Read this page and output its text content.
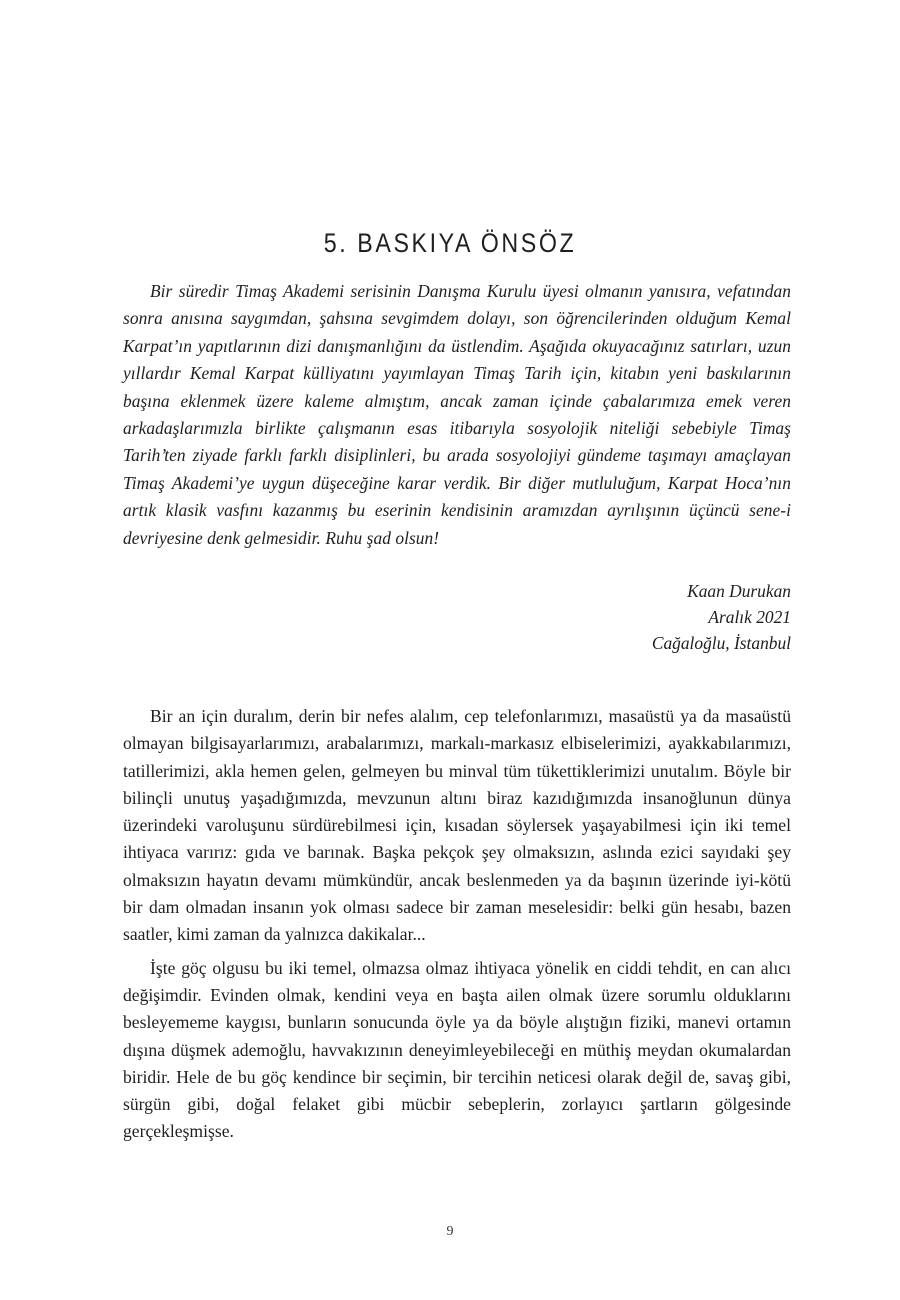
5. BASKIYA ÖNSÖZ

Bir süredir Timaş Akademi serisinin Danışma Kurulu üyesi olmanın yanısıra, vefatından sonra anısına saygımdan, şahsına sevgimdem dolayı, son öğrencilerinden olduğum Kemal Karpat’ın yapıtlarının dizi danışmanlığını da üstlendim. Aşağıda okuyacağınız satırları, uzun yıllardır Kemal Karpat külliyatını yayımlayan Timaş Tarih için, kitabın yeni baskılarının başına eklenmek üzere kaleme almıştım, ancak zaman içinde çabalarımıza emek veren arkadaşlarımızla birlikte çalışmanın esas itibarıyla sosyolojik niteliği sebebiyle Timaş Tarih’ten ziyade farklı farklı disiplinleri, bu arada sosyolojiyi gündeme taşımayı amaçlayan Timaş Akademi’ye uygun düşeceğine karar verdik. Bir diğer mutluluğum, Karpat Hoca’nın artık klasik vasfını kazanmış bu eserinin kendisinin aramızdan ayrılışının üçüncü sene-i devriyesine denk gelmesidir. Ruhu şad olsun!

Kaan Durukan
Aralık 2021
Cağaloğlu, İstanbul

Bir an için duralım, derin bir nefes alalım, cep telefonlarımızı, masaüstü ya da masaüstü olmayan bilgisayarlarımızı, arabalarımızı, markalı-markasız elbiselerimizi, ayakkabılarımızı, tatillerimizi, akla hemen gelen, gelmeyen bu minval tüm tükettiklerimizi unutalım. Böyle bir bilinçli unutuş yaşadığımızda, mevzunun altını biraz kazıdığımızda insanoğlunun dünya üzerindeki varoluşunu sürdürebilmesi için, kısadan söylersek yaşayabilmesi için iki temel ihtiyaca varırız: gıda ve barınak. Başka pekçok şey olmaksızın, aslında ezici sayıdaki şey olmaksızın hayatın devamı mümkündür, ancak beslenmeden ya da başının üzerinde iyi-kötü bir dam olmadan insanın yok olması sadece bir zaman meselesidir: belki gün hesabı, bazen saatler, kimi zaman da yalnızca dakikalar...

İşte göç olgusu bu iki temel, olmazsa olmaz ihtiyaca yönelik en ciddi tehdit, en can alıcı değişimdir. Evinden olmak, kendini veya en başta ailen olmak üzere sorumlu olduklarını besleyememe kaygısı, bunların sonucunda öyle ya da böyle alıştığın fiziki, manevi ortamın dışına düşmek ademoğlu, havvakızının deneyimleyebileceği en müthiş meydan okumalardan biridir. Hele de bu göç kendince bir seçimin, bir tercihin neticesi olarak değil de, savaş gibi, sürgün gibi, doğal felaket gibi mücbir sebeplerin, zorlayıcı şartların gölgesinde gerçekleşmişse.

9
